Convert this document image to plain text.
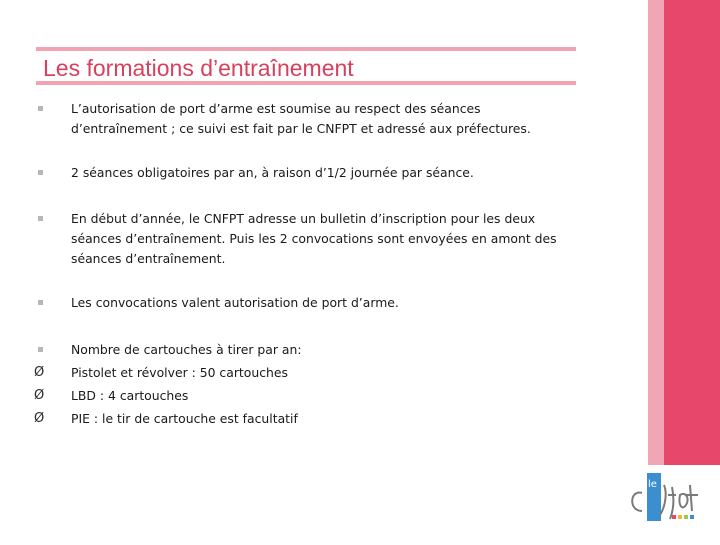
le
Les formations d’entraînement
L’autorisation de port d’arme est soumise au respect des séances
d’entraînement ; ce suivi est fait par le CNFPT et adressé aux préfectures.
2 séances obligatoires par an, à raison d’1/2 journée par séance.
En début d’année, le CNFPT adresse un bulletin d’inscription pour les deux
séances d’entraînement. Puis les 2 convocations sont envoyées en amont des
séances d’entraînement.
Les convocations valent autorisation de port d’arme.
Nombre de cartouches à tirer par an:
Ø	Pistolet et révolver : 50 cartouches
Ø	LBD : 4 cartouches
Ø	PIE : le tir de cartouche est facultatif
